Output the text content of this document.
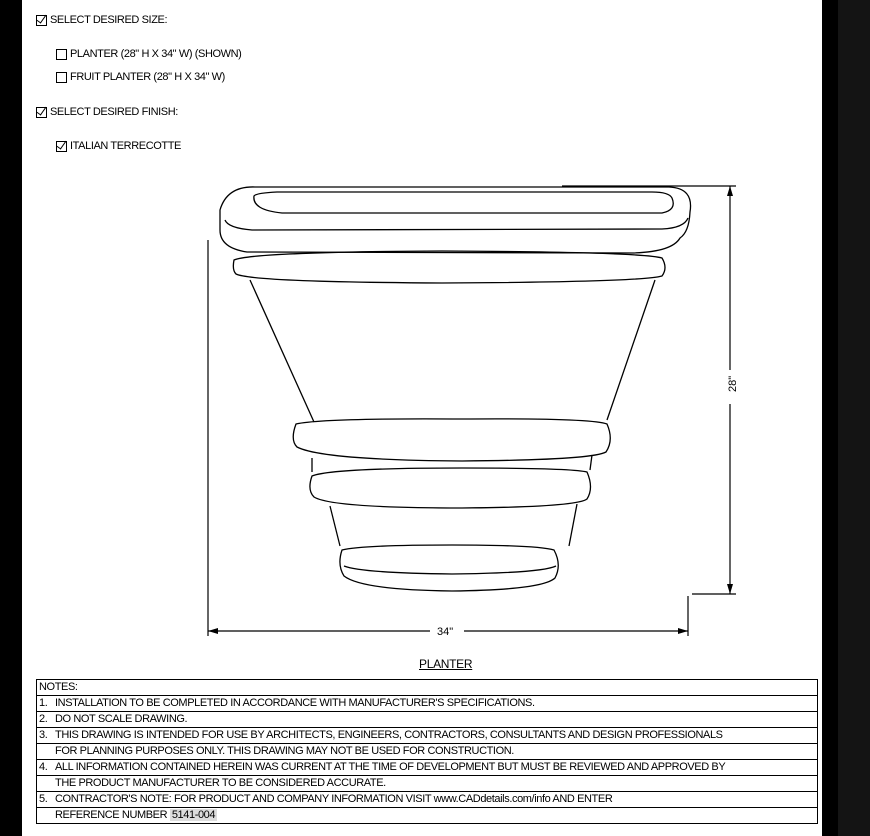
SELECT DESIRED SIZE:
PLANTER (28" H X 34" W) (SHOWN)
FRUIT PLANTER (28" H X 34" W)
SELECT DESIRED FINISH:
ITALIAN TERRECOTTE
28"
34"
PLANTER
NOTES:
1. INSTALLATION TO BE COMPLETED IN ACCORDANCE WITH MANUFACTURER'S SPECIFICATIONS.
2. DO NOT SCALE DRAWING.
3. THIS DRAWING IS INTENDED FOR USE BY ARCHITECTS, ENGINEERS, CONTRACTORS, CONSULTANTS AND DESIGN PROFESSIONALS
FOR PLANNING PURPOSES ONLY. THIS DRAWING MAY NOT BE USED FOR CONSTRUCTION.
4. ALL INFORMATION CONTAINED HEREIN WAS CURRENT AT THE TIME OF DEVELOPMENT BUT MUST BE REVIEWED AND APPROVED BY
THE PRODUCT MANUFACTURER TO BE CONSIDERED ACCURATE.
5. CONTRACTOR'S NOTE: FOR PRODUCT AND COMPANY INFORMATION VISIT www.CADdetails.com/info AND ENTER
REFERENCE NUMBER 5141-004
